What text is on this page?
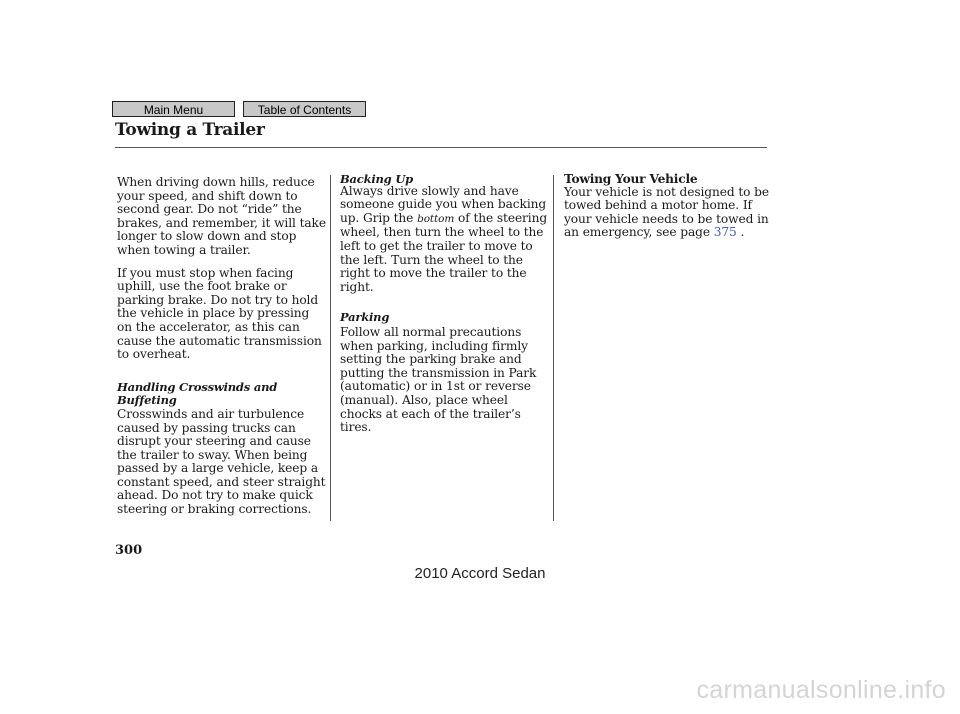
Main Menu	Table of Contents
Towing a Trailer

When driving down hills, reduce your speed, and shift down to second gear. Do not “ride” the brakes, and remember, it will take longer to slow down and stop when towing a trailer.

If you must stop when facing uphill, use the foot brake or parking brake. Do not try to hold the vehicle in place by pressing on the accelerator, as this can cause the automatic transmission to overheat.

Handling Crosswinds and Buffeting

Crosswinds and air turbulence caused by passing trucks can disrupt your steering and cause the trailer to sway. When being passed by a large vehicle, keep a constant speed, and steer straight ahead. Do not try to make quick steering or braking corrections.

Backing Up

Always drive slowly and have someone guide you when backing up. Grip the bottom of the steering wheel, then turn the wheel to the left to get the trailer to move to the left. Turn the wheel to the right to move the trailer to the right.

Parking

Follow all normal precautions when parking, including firmly setting the parking brake and putting the transmission in Park (automatic) or in 1st or reverse (manual). Also, place wheel chocks at each of the trailer’s tires.

Towing Your Vehicle

Your vehicle is not designed to be towed behind a motor home. If your vehicle needs to be towed in an emergency, see page 375 .

300
2010 Accord Sedan
carmanualsonline.info
